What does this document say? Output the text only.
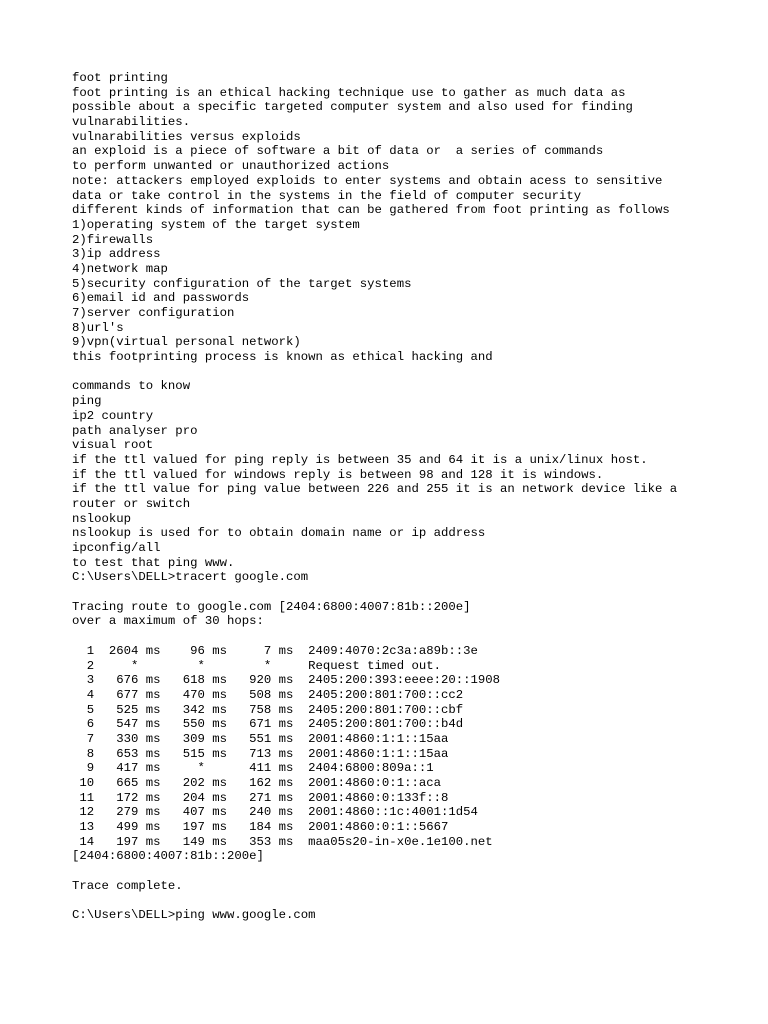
foot printing
foot printing is an ethical hacking technique use to gather as much data as
possible about a specific targeted computer system and also used for finding
vulnarabilities.
vulnarabilities versus exploids
an exploid is a piece of software a bit of data or  a series of commands
to perform unwanted or unauthorized actions
note: attackers employed exploids to enter systems and obtain acess to sensitive
data or take control in the systems in the field of computer security
different kinds of information that can be gathered from foot printing as follows
1)operating system of the target system
2)firewalls
3)ip address
4)network map
5)security configuration of the target systems
6)email id and passwords
7)server configuration
8)url's
9)vpn(virtual personal network)
this footprinting process is known as ethical hacking and
commands to know
ping
ip2 country
path analyser pro
visual root
if the ttl valued for ping reply is between 35 and 64 it is a unix/linux host.
if the ttl valued for windows reply is between 98 and 128 it is windows.
if the ttl value for ping value between 226 and 255 it is an network device like a
router or switch
nslookup
nslookup is used for to obtain domain name or ip address
ipconfig/all
to test that ping www.
C:\Users\DELL>tracert google.com
Tracing route to google.com [2404:6800:4007:81b::200e]
over a maximum of 30 hops:
1  2604 ms    96 ms     7 ms  2409:4070:2c3a:a89b::3e
2     *        *        *     Request timed out.
3   676 ms   618 ms   920 ms  2405:200:393:eeee:20::1908
4   677 ms   470 ms   508 ms  2405:200:801:700::cc2
5   525 ms   342 ms   758 ms  2405:200:801:700::cbf
6   547 ms   550 ms   671 ms  2405:200:801:700::b4d
7   330 ms   309 ms   551 ms  2001:4860:1:1::15aa
8   653 ms   515 ms   713 ms  2001:4860:1:1::15aa
9   417 ms     *      411 ms  2404:6800:809a::1
10   665 ms   202 ms   162 ms  2001:4860:0:1::aca
11   172 ms   204 ms   271 ms  2001:4860:0:133f::8
12   279 ms   407 ms   240 ms  2001:4860::1c:4001:1d54
13   499 ms   197 ms   184 ms  2001:4860:0:1::5667
14   197 ms   149 ms   353 ms  maa05s20-in-x0e.1e100.net
[2404:6800:4007:81b::200e]
Trace complete.
C:\Users\DELL>ping www.google.com
